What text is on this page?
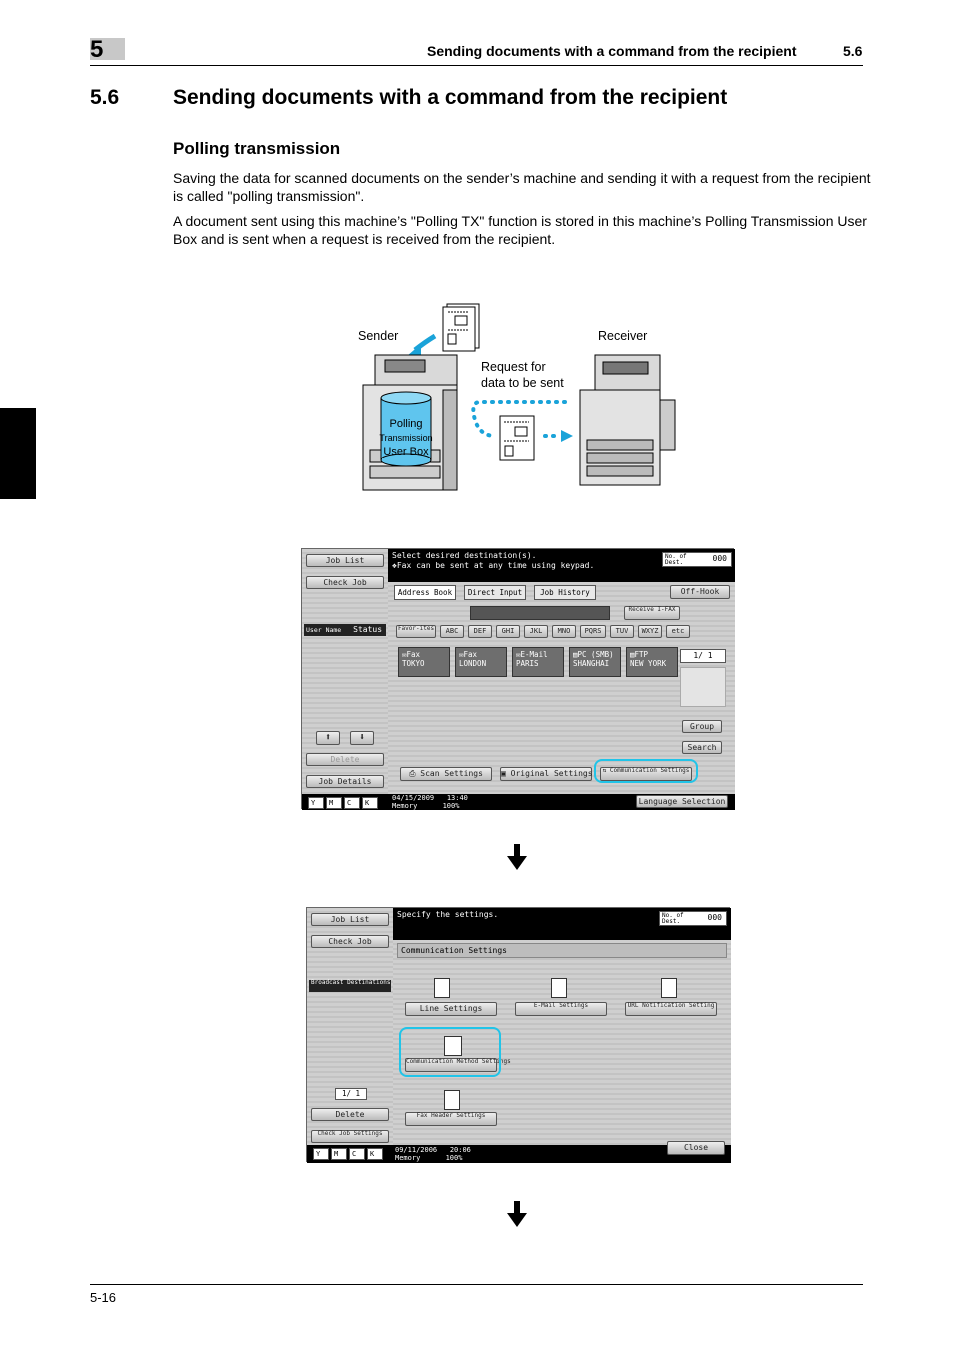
5	Sending documents with a command from the recipient	5.6
5.6	Sending documents with a command from the recipient
Polling transmission
Saving the data for scanned documents on the sender’s machine and sending it with a request from the recipient is called "polling transmission".
A document sent using this machine’s "Polling TX" function is stored in this machine’s Polling Transmission User Box and is sent when a request is received from the recipient.
Sender	Receiver
Request for
data to be sent
Polling
Transmission
User Box
Job List
Check Job
User Name Status
⬆	⬇
Delete
Job Details
Select desired destination(s).
❖Fax can be sent at any time using keypad.
No. of Dest.	000
Address Book	Direct Input	Job History	Off-Hook
Receive I-FAX
Favor-ites	ABC	DEF	GHI	JKL	MNO	PQRS	TUV	WXYZ	etc
✉Fax
TOKYO
✉Fax
LONDON
✉E-Mail
PARIS
▤PC (SMB)
SHANGHAI
▤FTP
NEW YORK
1/ 1
Group
Search
⎙ Scan Settings	▣ Original Settings	⇆ Communication Settings
Y	M	C	K
04/15/2009 13:40
Memory	100%	Language Selection
Job List
Check Job
Broadcast Destinations
1/ 1
Delete
Check Job Settings
Specify the settings.	No. of Dest.	000
Communication Settings
Line Settings	E-Mail Settings	URL Notification Setting
Communication Method Settings
Fax Header Settings
Y	M	C	K	09/11/2006 20:06
Memory	100%
Close
5-16
